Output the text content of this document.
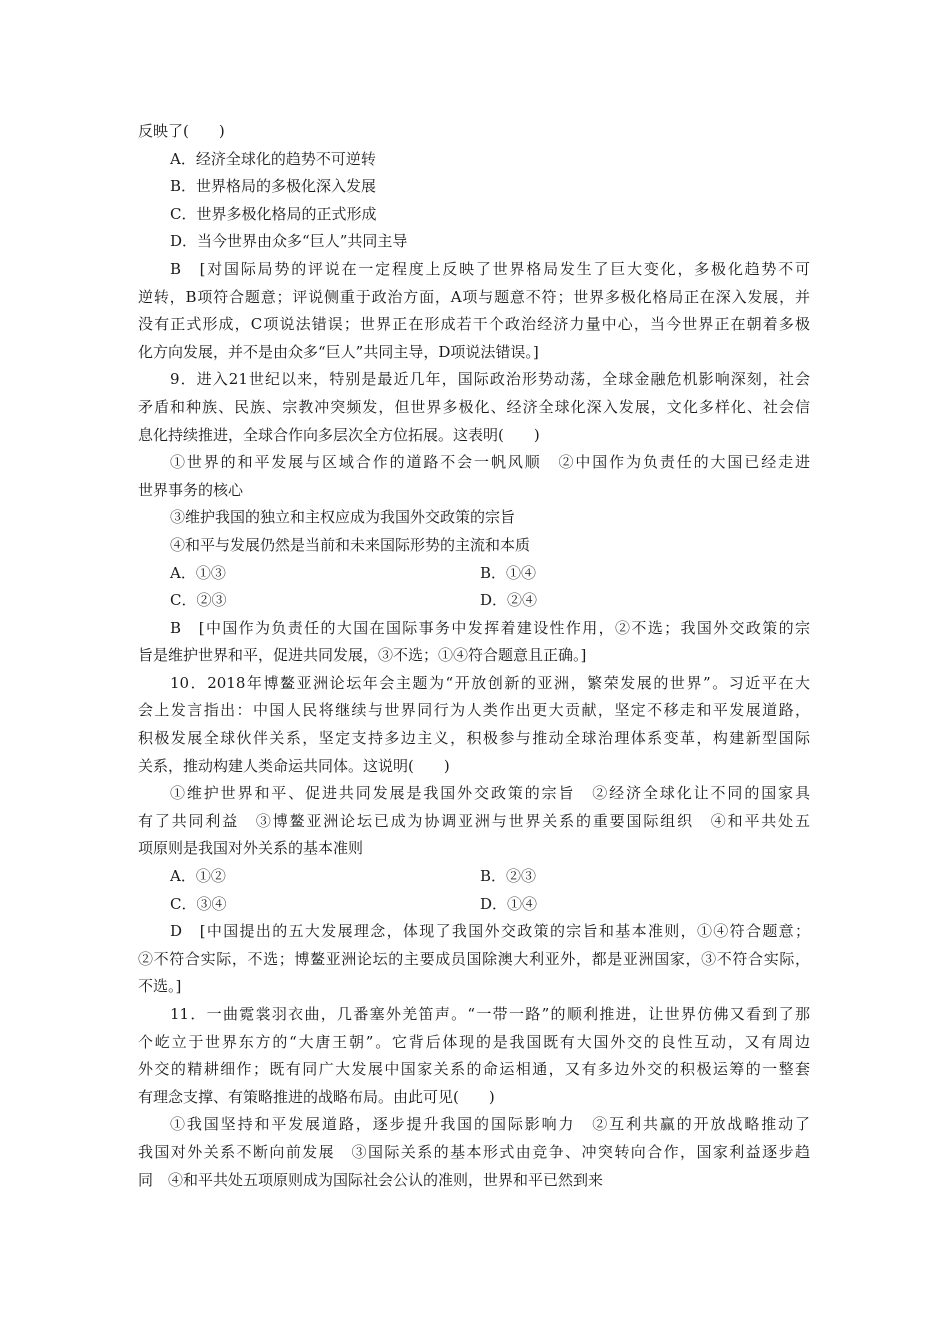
反映了(　　)
A．经济全球化的趋势不可逆转
B．世界格局的多极化深入发展
C．世界多极化格局的正式形成
D．当今世界由众多“巨人”共同主导
B　[对国际局势的评说在一定程度上反映了世界格局发生了巨大变化，多极化趋势不可
逆转，B项符合题意；评说侧重于政治方面，A项与题意不符；世界多极化格局正在深入发展，并
没有正式形成，C项说法错误；世界正在形成若干个政治经济力量中心，当今世界正在朝着多极
化方向发展，并不是由众多“巨人”共同主导，D项说法错误。]
9．进入21世纪以来，特别是最近几年，国际政治形势动荡，全球金融危机影响深刻，社会
矛盾和种族、民族、宗教冲突频发，但世界多极化、经济全球化深入发展，文化多样化、社会信
息化持续推进，全球合作向多层次全方位拓展。这表明(　　)
①世界的和平发展与区域合作的道路不会一帆风顺　②中国作为负责任的大国已经走进
世界事务的核心
③维护我国的独立和主权应成为我国外交政策的宗旨
④和平与发展仍然是当前和未来国际形势的主流和本质
A．①③	B．①④
C．②③	D．②④
B　[中国作为负责任的大国在国际事务中发挥着建设性作用，②不选；我国外交政策的宗
旨是维护世界和平，促进共同发展，③不选；①④符合题意且正确。]
10．2018年博鳌亚洲论坛年会主题为“开放创新的亚洲，繁荣发展的世界”。习近平在大
会上发言指出：中国人民将继续与世界同行为人类作出更大贡献，坚定不移走和平发展道路，
积极发展全球伙伴关系，坚定支持多边主义，积极参与推动全球治理体系变革，构建新型国际
关系，推动构建人类命运共同体。这说明(　　)
①维护世界和平、促进共同发展是我国外交政策的宗旨　②经济全球化让不同的国家具
有了共同利益　③博鳌亚洲论坛已成为协调亚洲与世界关系的重要国际组织　④和平共处五
项原则是我国对外关系的基本准则
A．①②	B．②③
C．③④	D．①④
D　[中国提出的五大发展理念，体现了我国外交政策的宗旨和基本准则，①④符合题意；
②不符合实际，不选；博鳌亚洲论坛的主要成员国除澳大利亚外，都是亚洲国家，③不符合实际，
不选。]
11．一曲霓裳羽衣曲，几番塞外羌笛声。“一带一路”的顺利推进，让世界仿佛又看到了那
个屹立于世界东方的“大唐王朝”。它背后体现的是我国既有大国外交的良性互动，又有周边
外交的精耕细作；既有同广大发展中国家关系的命运相通，又有多边外交的积极运筹的一整套
有理念支撑、有策略推进的战略布局。由此可见(　　)
①我国坚持和平发展道路，逐步提升我国的国际影响力　②互利共赢的开放战略推动了
我国对外关系不断向前发展　③国际关系的基本形式由竞争、冲突转向合作，国家利益逐步趋
同　④和平共处五项原则成为国际社会公认的准则，世界和平已然到来
